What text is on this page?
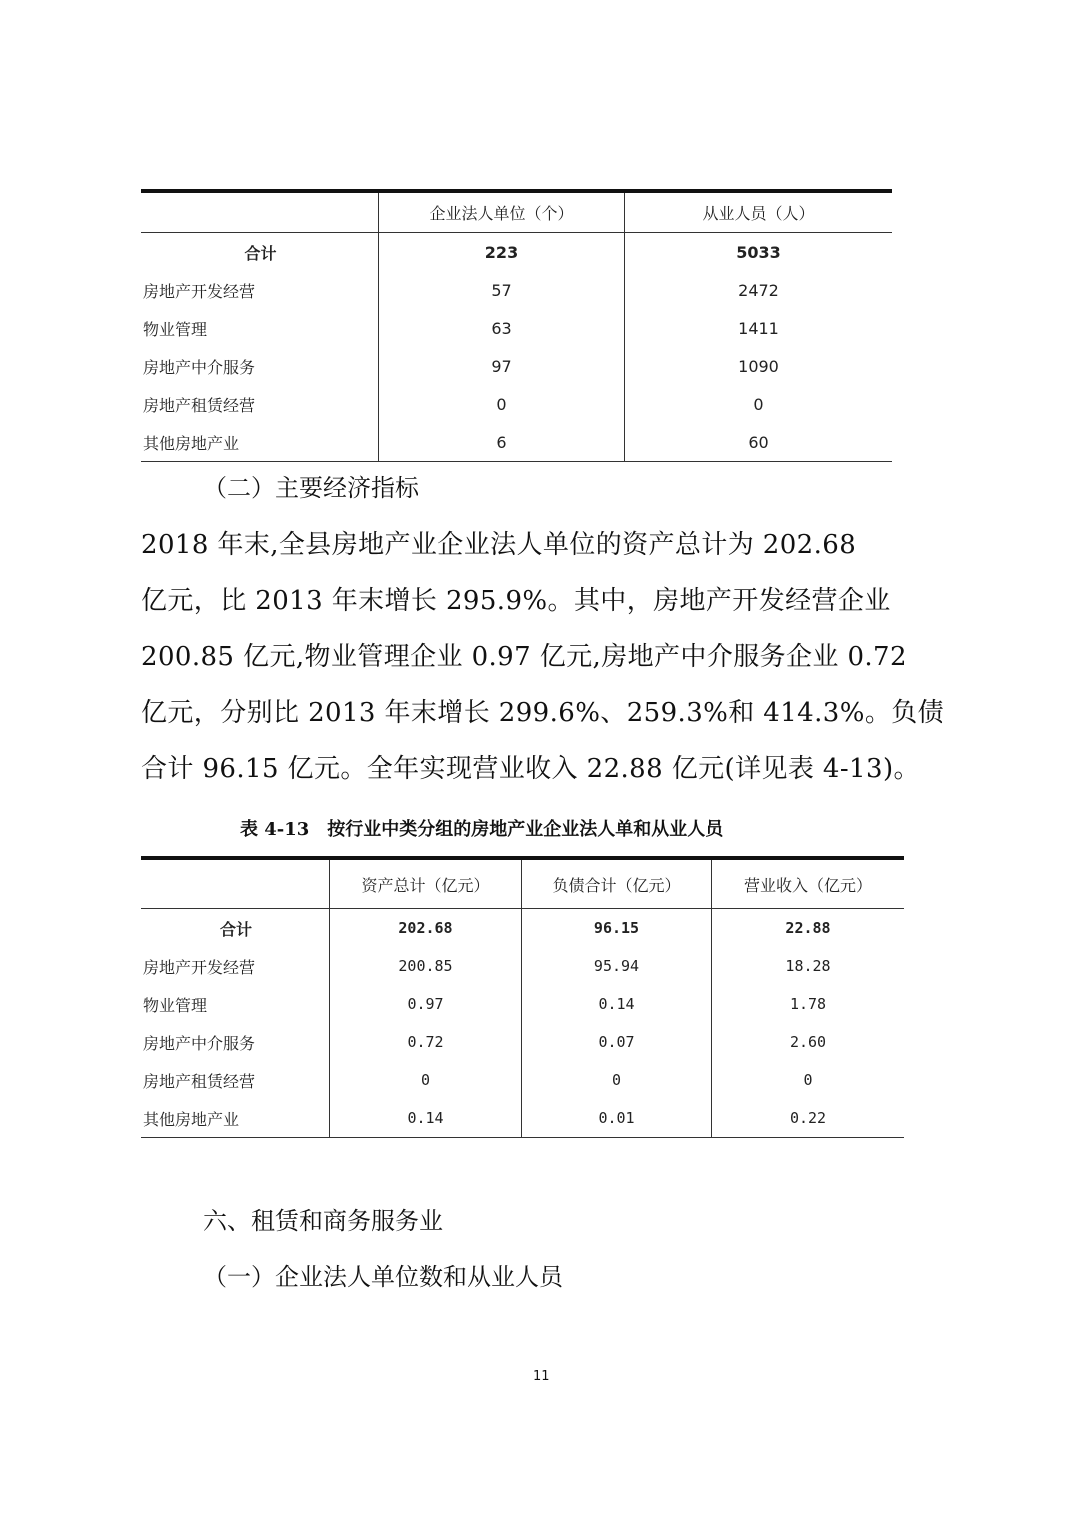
	企业法人单位（个）	从业人员（人）
合计	223	5033
房地产开发经营	57	2472
物业管理	63	1411
房地产中介服务	97	1090
房地产租赁经营	0	0
其他房地产业	6	60
（二）主要经济指标
2018 年末,全县房地产业企业法人单位的资产总计为 202.68
亿元，比 2013 年末增长 295.9%。其中，房地产开发经营企业
200.85 亿元,物业管理企业 0.97 亿元,房地产中介服务企业 0.72
亿元，分别比 2013 年末增长 299.6%、259.3%和 414.3%。负债
合计 96.15 亿元。全年实现营业收入 22.88 亿元(详见表 4-13)。
表 4-13　按行业中类分组的房地产业企业法人单和从业人员
	资产总计（亿元）	负债合计（亿元）	营业收入（亿元）
合计	202.68	96.15	22.88
房地产开发经营	200.85	95.94	18.28
物业管理	0.97	0.14	1.78
房地产中介服务	0.72	0.07	2.60
房地产租赁经营	0	0	0
其他房地产业	0.14	0.01	0.22
六、租赁和商务服务业
（一）企业法人单位数和从业人员
11
